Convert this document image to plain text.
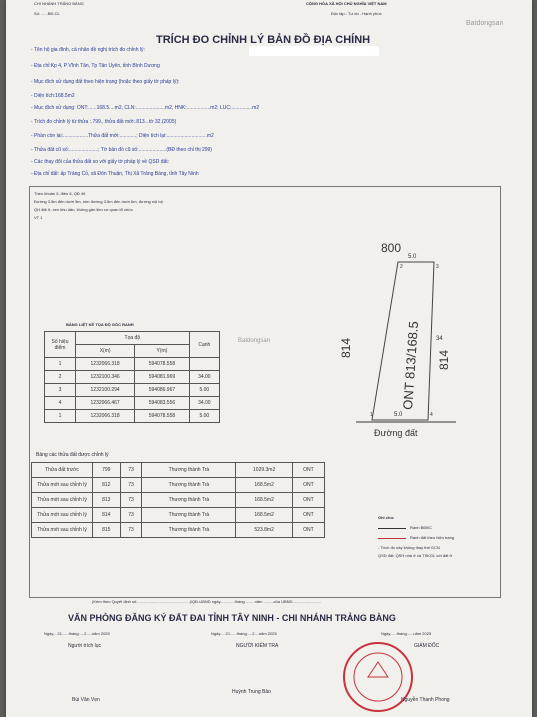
CHI NHÁNH TRẢNG BÀNG
Số: ......BĐ-CL
CỘNG HÒA XÃ HỘI CHỦ NGHĨA VIỆT NAM
Độc lập - Tự do - Hạnh phúc
Batdongsan
TRÍCH ĐO CHỈNH LÝ BẢN ĐỒ ĐỊA CHÍNH
- Tên hộ gia đình, cá nhân đề nghị trích đo chỉnh lý:
- Địa chỉ:Kp 4, P Vĩnh Tân, Tp Tân Uyên, tỉnh Bình Dương
- Mục đích sử dụng đất theo hiện trạng (hoặc theo giấy tờ pháp lý):
- Diện tích:168.5m2
- Mục đích sử dụng: ONT:......168.5....m2, CLN:.....................m2, HNK:.................m2; LUC:...............m2
- Trích đo chỉnh lý từ thửa :.799., thửa đất mới:.813...tờ 32.(2005)
- Phần còn lại:..................Thửa đất mới:............; Diện tích lại:.............................m2
- Thửa đất cũ số:.....................; Tờ bản đồ cũ số:....................(BĐ theo chỉ thị 299)
- Các thay đổi của thửa đất so với giấy tờ pháp lý về QSD đất:
- Địa chỉ đất: ấp Trảng Cỏ, xã Đôn Thuận, Thị Xã Trảng Bàng, tỉnh Tây Ninh
Theo khoản 5, điều 6, QĐ 49
Đường 3.5m đến dưới 9m, nền đường 3.5m đến dưới 6m, đường nội bộ
QH đất ở, xen khu dân, không gần liền cơ quan tổ chức
VT 1
BẢNG LIỆT KÊ TỌA ĐỘ GÓC RANH
Số hiệu điểm	Tọa độ		Cạnh
	X(m)	Y(m)	
1	1232066.318	594078.558	
2	1232100.346	594081.969	34.00
3	1232100.294	594086.967	5.00
4	1232066.467	594083.556	34.00
1	1232066.318	594078.558	5.00
Batdongsan
Bảng các thửa đất được chỉnh lý
Thửa đất trước	799	73	Thương thành Trà	1029.3m2	ONT
Thửa mới sau chỉnh lý	812	73	Thương thành Trà	168.5m2	ONT
Thửa mới sau chỉnh lý	813	73	Thương thành Trà	168.5m2	ONT
Thửa mới sau chỉnh lý	814	73	Thương thành Trà	168.5m2	ONT
Thửa mới sau chỉnh lý	815	73	Thương thành Trà	523.8m2	ONT
800
5.0
5.0
34
814
814
ONT 813/168.5
2	3
1	4
Đường đất
Ghi chú:
Ranh BĐĐC
Ranh đất theo hiện trạng
- Trích đo này không thay thế GCN
QSD đất; QSH nhà ở và TSKGL với đất ở
(Kèm theo Quyết định số:...............................................)/QĐ-UBND ngày.............tháng.........năm .........của UBND..........................
VĂN PHÒNG ĐĂNG KÝ ĐẤT ĐAI TỈNH TÂY NINH - CHI NHÁNH TRẢNG BÀNG
Ngày....21......tháng.....2.....năm 2025	Ngày.....21......tháng.....2....năm 2025	Ngày......tháng......năm 2025
Người trích lục	NGƯỜI KIỂM TRA	GIÁM ĐỐC
Bùi Văn Vẹn
Huỳnh Trung Bảo
Nguyễn Thanh Phong
